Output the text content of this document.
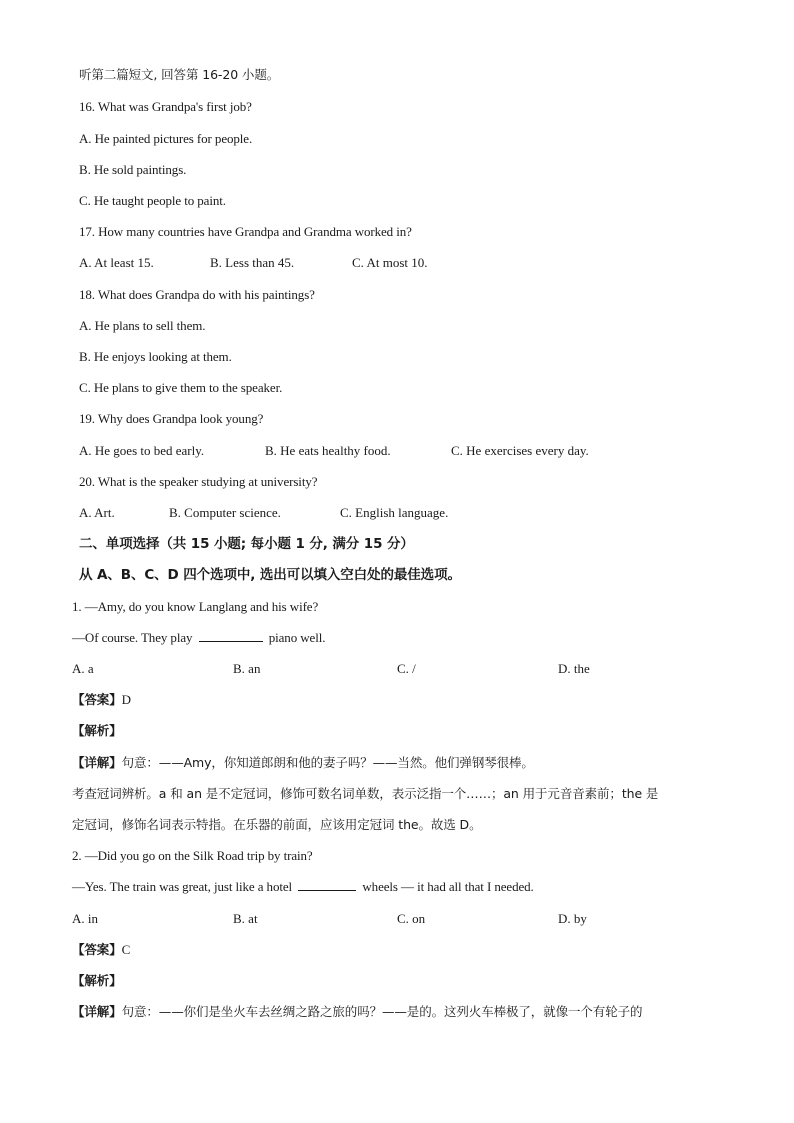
听第二篇短文, 回答第 16-20 小题。
16. What was Grandpa's first job?
A. He painted pictures for people.
B. He sold paintings.
C. He taught people to paint.
17. How many countries have Grandpa and Grandma worked in?
A. At least 15.	B. Less than 45.	C. At most 10.
18. What does Grandpa do with his paintings?
A. He plans to sell them.
B. He enjoys looking at them.
C. He plans to give them to the speaker.
19. Why does Grandpa look young?
A. He goes to bed early.	B. He eats healthy food.	C. He exercises every day.
20. What is the speaker studying at university?
A. Art.	B. Computer science.	C. English language.
二、单项选择（共 15 小题; 每小题 1 分, 满分 15 分）
从 A、B、C、D 四个选项中, 选出可以填入空白处的最佳选项。
1. —Amy, do you know Langlang and his wife?
—Of course. They play	piano well.
A. a	B. an	C. /	D. the
【答案】D
【解析】
【详解】句意：——Amy，你知道郎朗和他的妻子吗？——当然。他们弹钢琴很棒。
考查冠词辨析。a 和 an 是不定冠词，修饰可数名词单数，表示泛指一个……；an 用于元音音素前；the 是
定冠词，修饰名词表示特指。在乐器的前面，应该用定冠词 the。故选 D。
2. —Did you go on the Silk Road trip by train?
—Yes. The train was great, just like a hotel	wheels — it had all that I needed.
A. in	B. at	C. on	D. by
【答案】C
【解析】
【详解】句意：——你们是坐火车去丝绸之路之旅的吗？——是的。这列火车棒极了，就像一个有轮子的
